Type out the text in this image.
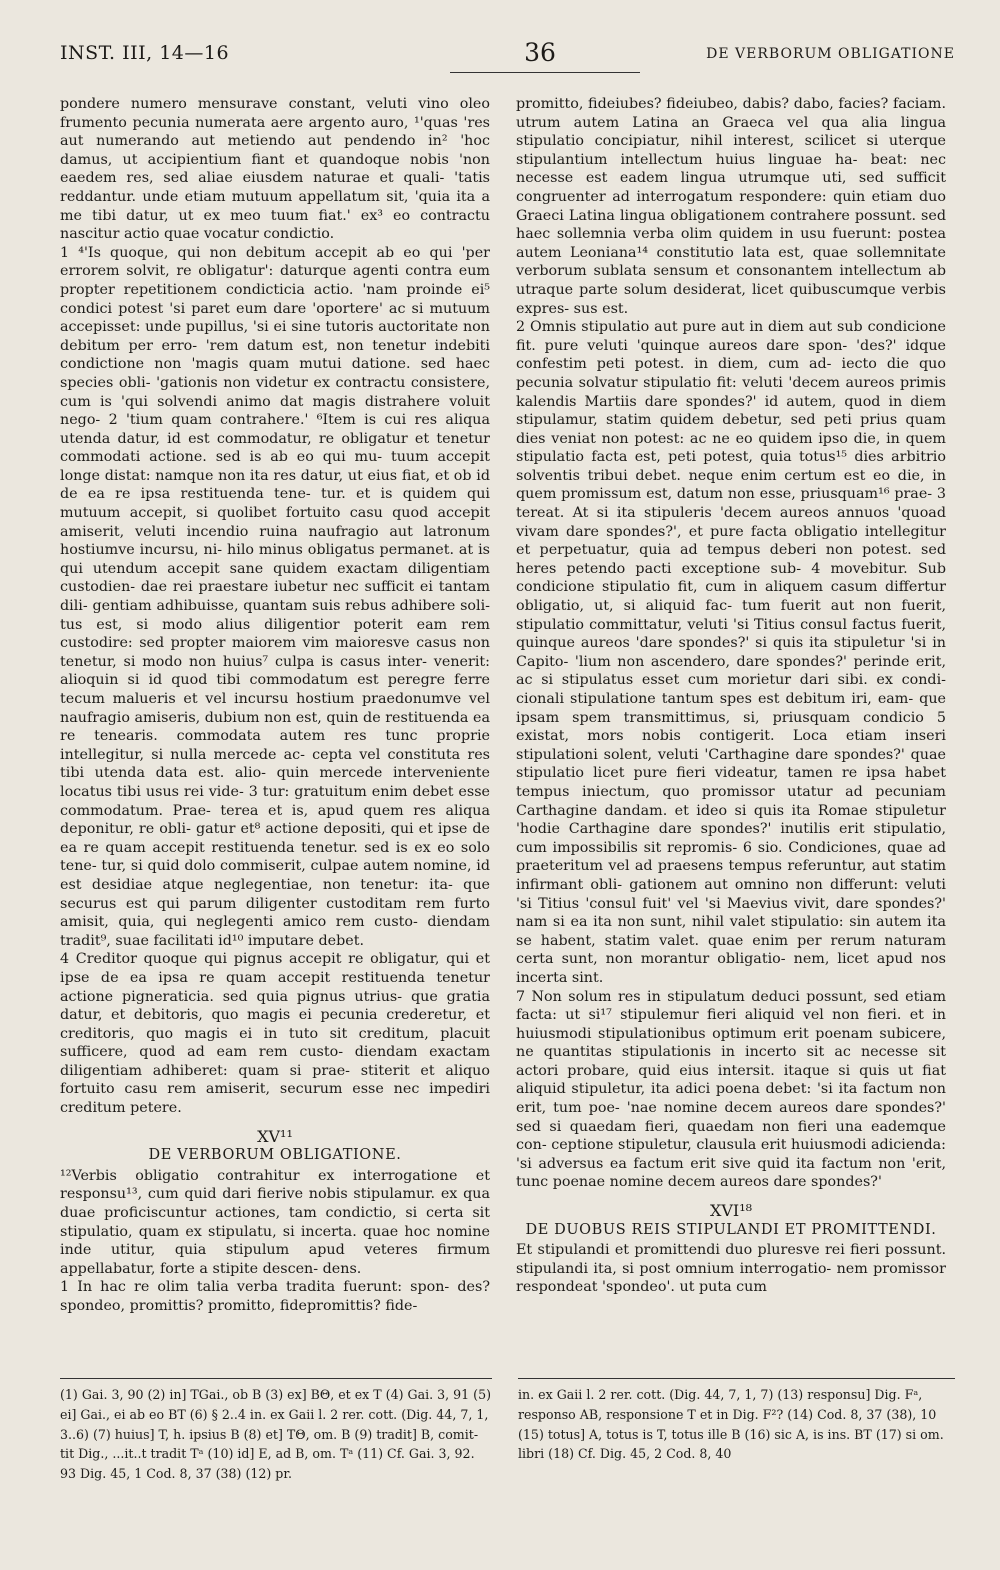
INST. III, 14—16	36	DE VERBORUM OBLIGATIONE

pondere numero mensurave constant, veluti vino oleo frumento pecunia numerata aere argento auro, ¹'quas 'res aut numerando aut metiendo aut pendendo in² 'hoc damus, ut accipientium fiant et quandoque nobis 'non eaedem res, sed aliae eiusdem naturae et quali- 'tatis reddantur. unde etiam mutuum appellatum sit, 'quia ita a me tibi datur, ut ex meo tuum fiat.' ex³ eo contractu nascitur actio quae vocatur condictio.

1 ⁴'Is quoque, qui non debitum accepit ab eo qui 'per errorem solvit, re obligatur': daturque agenti contra eum propter repetitionem condicticia actio. 'nam proinde ei⁵ condici potest 'si paret eum dare 'oportere' ac si mutuum accepisset: unde pupillus, 'si ei sine tutoris auctoritate non debitum per erro- 'rem datum est, non tenetur indebiti condictione non 'magis quam mutui datione. sed haec species obli- 'gationis non videtur ex contractu consistere, cum is 'qui solvendi animo dat magis distrahere voluit nego- 2 'tium quam contrahere.' ⁶Item is cui res aliqua utenda datur, id est commodatur, re obligatur et tenetur commodati actione. sed is ab eo qui mu- tuum accepit longe distat: namque non ita res datur, ut eius fiat, et ob id de ea re ipsa restituenda tene- tur. et is quidem qui mutuum accepit, si quolibet fortuito casu quod accepit amiserit, veluti incendio ruina naufragio aut latronum hostiumve incursu, ni- hilo minus obligatus permanet. at is qui utendum accepit sane quidem exactam diligentiam custodien- dae rei praestare iubetur nec sufficit ei tantam dili- gentiam adhibuisse, quantam suis rebus adhibere soli- tus est, si modo alius diligentior poterit eam rem custodire: sed propter maiorem vim maioresve casus non tenetur, si modo non huius⁷ culpa is casus inter- venerit: alioquin si id quod tibi commodatum est peregre ferre tecum malueris et vel incursu hostium praedonumve vel naufragio amiseris, dubium non est, quin de restituenda ea re tenearis. commodata autem res tunc proprie intellegitur, si nulla mercede ac- cepta vel constituta res tibi utenda data est. alio- quin mercede interveniente locatus tibi usus rei vide- 3 tur: gratuitum enim debet esse commodatum. Prae- terea et is, apud quem res aliqua deponitur, re obli- gatur et⁸ actione depositi, qui et ipse de ea re quam accepit restituenda tenetur. sed is ex eo solo tene- tur, si quid dolo commiserit, culpae autem nomine, id est desidiae atque neglegentiae, non tenetur: ita- que securus est qui parum diligenter custoditam rem furto amisit, quia, qui neglegenti amico rem custo- diendam tradit⁹, suae facilitati id¹⁰ imputare debet.

4 Creditor quoque qui pignus accepit re obligatur, qui et ipse de ea ipsa re quam accepit restituenda tenetur actione pigneraticia. sed quia pignus utrius- que gratia datur, et debitoris, quo magis ei pecunia crederetur, et creditoris, quo magis ei in tuto sit creditum, placuit sufficere, quod ad eam rem custo- diendam exactam diligentiam adhiberet: quam si prae- stiterit et aliquo fortuito casu rem amiserit, securum esse nec impediri creditum petere.

XV¹¹
DE VERBORUM OBLIGATIONE.

¹²Verbis obligatio contrahitur ex interrogatione et responsu¹³, cum quid dari fierive nobis stipulamur. ex qua duae proficiscuntur actiones, tam condictio, si certa sit stipulatio, quam ex stipulatu, si incerta. quae hoc nomine inde utitur, quia stipulum apud veteres firmum appellabatur, forte a stipite descen- dens.

1 In hac re olim talia verba tradita fuerunt: spon- des? spondeo, promittis? promitto, fidepromittis? fide-

promitto, fideiubes? fideiubeo, dabis? dabo, facies? faciam. utrum autem Latina an Graeca vel qua alia lingua stipulatio concipiatur, nihil interest, scilicet si uterque stipulantium intellectum huius linguae ha- beat: nec necesse est eadem lingua utrumque uti, sed sufficit congruenter ad interrogatum respondere: quin etiam duo Graeci Latina lingua obligationem contrahere possunt. sed haec sollemnia verba olim quidem in usu fuerunt: postea autem Leoniana¹⁴ constitutio lata est, quae sollemnitate verborum sublata sensum et consonantem intellectum ab utraque parte solum desiderat, licet quibuscumque verbis expres- sus est.

2 Omnis stipulatio aut pure aut in diem aut sub condicione fit. pure veluti 'quinque aureos dare spon- 'des?' idque confestim peti potest. in diem, cum ad- iecto die quo pecunia solvatur stipulatio fit: veluti 'decem aureos primis kalendis Martiis dare spondes?' id autem, quod in diem stipulamur, statim quidem debetur, sed peti prius quam dies veniat non potest: ac ne eo quidem ipso die, in quem stipulatio facta est, peti potest, quia totus¹⁵ dies arbitrio solventis tribui debet. neque enim certum est eo die, in quem promissum est, datum non esse, priusquam¹⁶ prae- 3 tereat. At si ita stipuleris 'decem aureos annuos 'quoad vivam dare spondes?', et pure facta obligatio intellegitur et perpetuatur, quia ad tempus deberi non potest. sed heres petendo pacti exceptione sub- 4 movebitur. Sub condicione stipulatio fit, cum in aliquem casum differtur obligatio, ut, si aliquid fac- tum fuerit aut non fuerit, stipulatio committatur, veluti 'si Titius consul factus fuerit, quinque aureos 'dare spondes?' si quis ita stipuletur 'si in Capito- 'lium non ascendero, dare spondes?' perinde erit, ac si stipulatus esset cum morietur dari sibi. ex condi- cionali stipulatione tantum spes est debitum iri, eam- que ipsam spem transmittimus, si, priusquam condicio 5 existat, mors nobis contigerit. Loca etiam inseri stipulationi solent, veluti 'Carthagine dare spondes?' quae stipulatio licet pure fieri videatur, tamen re ipsa habet tempus iniectum, quo promissor utatur ad pecuniam Carthagine dandam. et ideo si quis ita Romae stipuletur 'hodie Carthagine dare spondes?' inutilis erit stipulatio, cum impossibilis sit repromis- 6 sio. Condiciones, quae ad praeteritum vel ad praesens tempus referuntur, aut statim infirmant obli- gationem aut omnino non differunt: veluti 'si Titius 'consul fuit' vel 'si Maevius vivit, dare spondes?' nam si ea ita non sunt, nihil valet stipulatio: sin autem ita se habent, statim valet. quae enim per rerum naturam certa sunt, non morantur obligatio- nem, licet apud nos incerta sint.

7 Non solum res in stipulatum deduci possunt, sed etiam facta: ut si¹⁷ stipulemur fieri aliquid vel non fieri. et in huiusmodi stipulationibus optimum erit poenam subicere, ne quantitas stipulationis in incerto sit ac necesse sit actori probare, quid eius intersit. itaque si quis ut fiat aliquid stipuletur, ita adici poena debet: 'si ita factum non erit, tum poe- 'nae nomine decem aureos dare spondes?' sed si quaedam fieri, quaedam non fieri una eademque con- ceptione stipuletur, clausula erit huiusmodi adicienda: 'si adversus ea factum erit sive quid ita factum non 'erit, tunc poenae nomine decem aureos dare spondes?'

XVI¹⁸
DE DUOBUS REIS STIPULANDI ET PROMITTENDI.

Et stipulandi et promittendi duo pluresve rei fieri possunt. stipulandi ita, si post omnium interrogatio- nem promissor respondeat 'spondeo'. ut puta cum

(1) Gai. 3, 90 (2) in] TGai., ob B (3) ex] BΘ, et ex T (4) Gai. 3, 91 (5) ei] Gai., ei ab eo BT (6) § 2..4 in. ex Gaii l. 2 rer. cott. (Dig. 44, 7, 1, 3..6) (7) huius] T, h. ipsius B (8) et] TΘ, om. B (9) tradit] B, comit- tit Dig., ...it..t tradit Tᵃ (10) id] E, ad B, om. Tᵃ (11) Cf. Gai. 3, 92. 93 Dig. 45, 1 Cod. 8, 37 (38) (12) pr.

in. ex Gaii l. 2 rer. cott. (Dig. 44, 7, 1, 7) (13) responsu] Dig. Fᵃ, responso AB, responsione T et in Dig. F²? (14) Cod. 8, 37 (38), 10 (15) totus] A, totus is T, totus ille B (16) sic A, is ins. BT (17) si om. libri (18) Cf. Dig. 45, 2 Cod. 8, 40
